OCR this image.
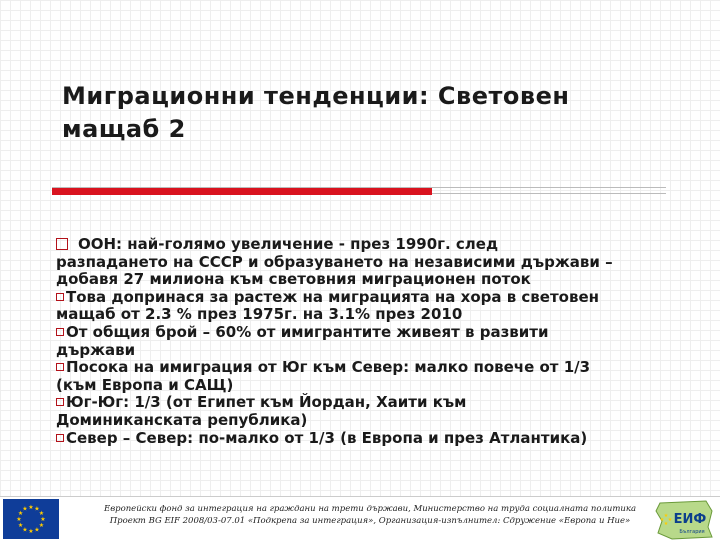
Миграционни тенденции: Световен
мащаб 2

ООН: най-голямо увеличение - през 1990г. след
разпадането на СССР и образуването на независими държави –
добавя 27 милиона към световния миграционен поток

Това допринася за растеж на миграцията на хора в световен
мащаб от 2.3 % през 1975г. на 3.1% през 2010

От общия брой – 60% от имигрантите живеят в развити
държави

Посока на имиграция от Юг към Север: малко повече от 1/3
(към Европа и САЩ)

Юг-Юг: 1/3 (от Египет към Йордан, Хаити към
Доминиканската република)

Север – Север: по-малко от 1/3 (в Европа и през Атлантика)

★ ★
★
★
★
★
★
★
★
★
★
★	Европейски фонд за интеграция на граждани на трети държави, Министерство на труда социалната политика
Проект BG EIF 2008/03-07.01 «Подкрепа за интеграция», Организация-изпълнител: Сдружение «Европа и Ние»	★
★
★ ★ ЕИФ
България
